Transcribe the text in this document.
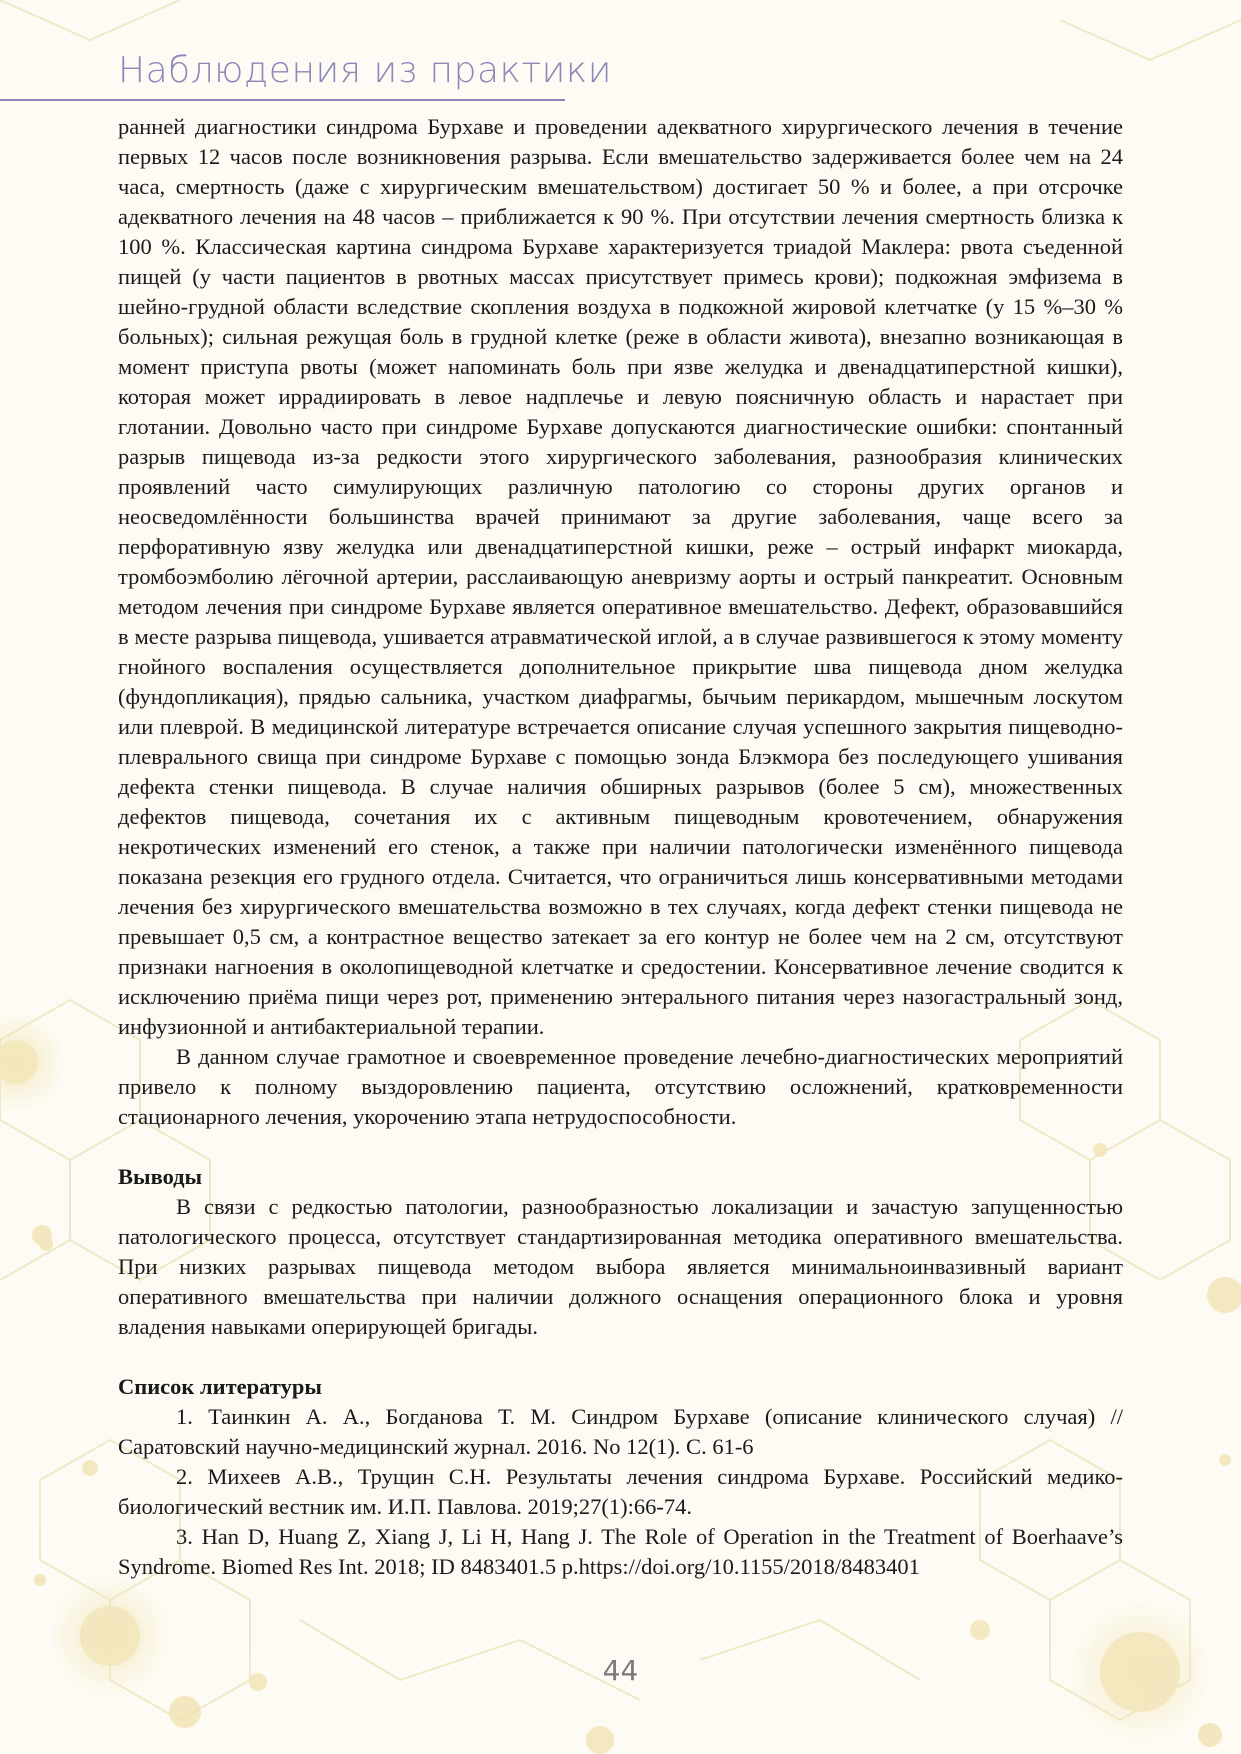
Наблюдения из практики

ранней диагностики синдрома Бурхаве и проведении адекватного хирургического лечения в течение первых 12 часов после возникновения разрыва. Если вмешательство задерживается более чем на 24 часа, смертность (даже с хирургическим вмешательством) достигает 50 % и более, а при отсрочке адекватного лечения на 48 часов – приближается к 90 %. При отсутствии лечения смертность близка к 100 %. Классическая картина синдрома Бурхаве характеризуется триадой Маклера: рвота съеденной пищей (у части пациентов в рвотных массах присутствует примесь крови); подкожная эмфизема в шейно-грудной области вследствие скопления воздуха в подкожной жировой клетчатке (у 15 %–30 % больных); сильная режущая боль в грудной клетке (реже в области живота), внезапно возникающая в момент приступа рвоты (может напоминать боль при язве желудка и двенадцатиперстной кишки), которая может иррадиировать в левое надплечье и левую поясничную область и нарастает при глотании. Довольно часто при синдроме Бурхаве допускаются диагностические ошибки: спонтанный разрыв пищевода из-за редкости этого хирургического заболевания, разнообразия клинических проявлений часто симулирующих различную патологию со стороны других органов и неосведомлённости большинства врачей принимают за другие заболевания, чаще всего за перфоративную язву желудка или двенадцатиперстной кишки, реже – острый инфаркт миокарда, тромбоэмболию лёгочной артерии, расслаивающую аневризму аорты и острый панкреатит. Основным методом лечения при синдроме Бурхаве является оперативное вмешательство. Дефект, образовавшийся в месте разрыва пищевода, ушивается атравматической иглой, а в случае развившегося к этому моменту гнойного воспаления осуществляется дополнительное прикрытие шва пищевода дном желудка (фундопликация), прядью сальника, участком диафрагмы, бычьим перикардом, мышечным лоскутом или плеврой. В медицинской литературе встречается описание случая успешного закрытия пищеводно-плеврального свища при синдроме Бурхаве с помощью зонда Блэкмора без последующего ушивания дефекта стенки пищевода. В случае наличия обширных разрывов (более 5 см), множественных дефектов пищевода, сочетания их с активным пищеводным кровотечением, обнаружения некротических изменений его стенок, а также при наличии патологически изменённого пищевода показана резекция его грудного отдела. Считается, что ограничиться лишь консервативными методами лечения без хирургического вмешательства возможно в тех случаях, когда дефект стенки пищевода не превышает 0,5 см, а контрастное вещество затекает за его контур не более чем на 2 см, отсутствуют признаки нагноения в околопищеводной клетчатке и средостении. Консервативное лечение сводится к исключению приёма пищи через рот, применению энтерального питания через назогастральный зонд, инфузионной и антибактериальной терапии.

В данном случае грамотное и своевременное проведение лечебно-диагностических мероприятий привело к полному выздоровлению пациента, отсутствию осложнений, кратковременности стационарного лечения, укорочению этапа нетрудоспособности.

Выводы

В связи с редкостью патологии, разнообразностью локализации и зачастую запущенностью патологического процесса, отсутствует стандартизированная методика оперативного вмешательства. При низких разрывах пищевода методом выбора является минимальноинвазивный вариант оперативного вмешательства при наличии должного оснащения операционного блока и уровня владения навыками оперирующей бригады.

Список литературы

1. Таинкин А. А., Богданова Т. М. Синдром Бурхаве (описание клинического случая) // Саратовский научно-медицинский журнал. 2016. No 12(1). С. 61-6

2. Михеев А.В., Трущин С.Н. Результаты лечения синдрома Бурхаве. Российский медико-биологический вестник им. И.П. Павлова. 2019;27(1):66-74.

3. Han D, Huang Z, Xiang J, Li H, Hang J. The Role of Operation in the Treatment of Boerhaave’s Syndrome. Biomed Res Int. 2018; ID 8483401.5 p.https://doi.org/10.1155/2018/8483401

44
